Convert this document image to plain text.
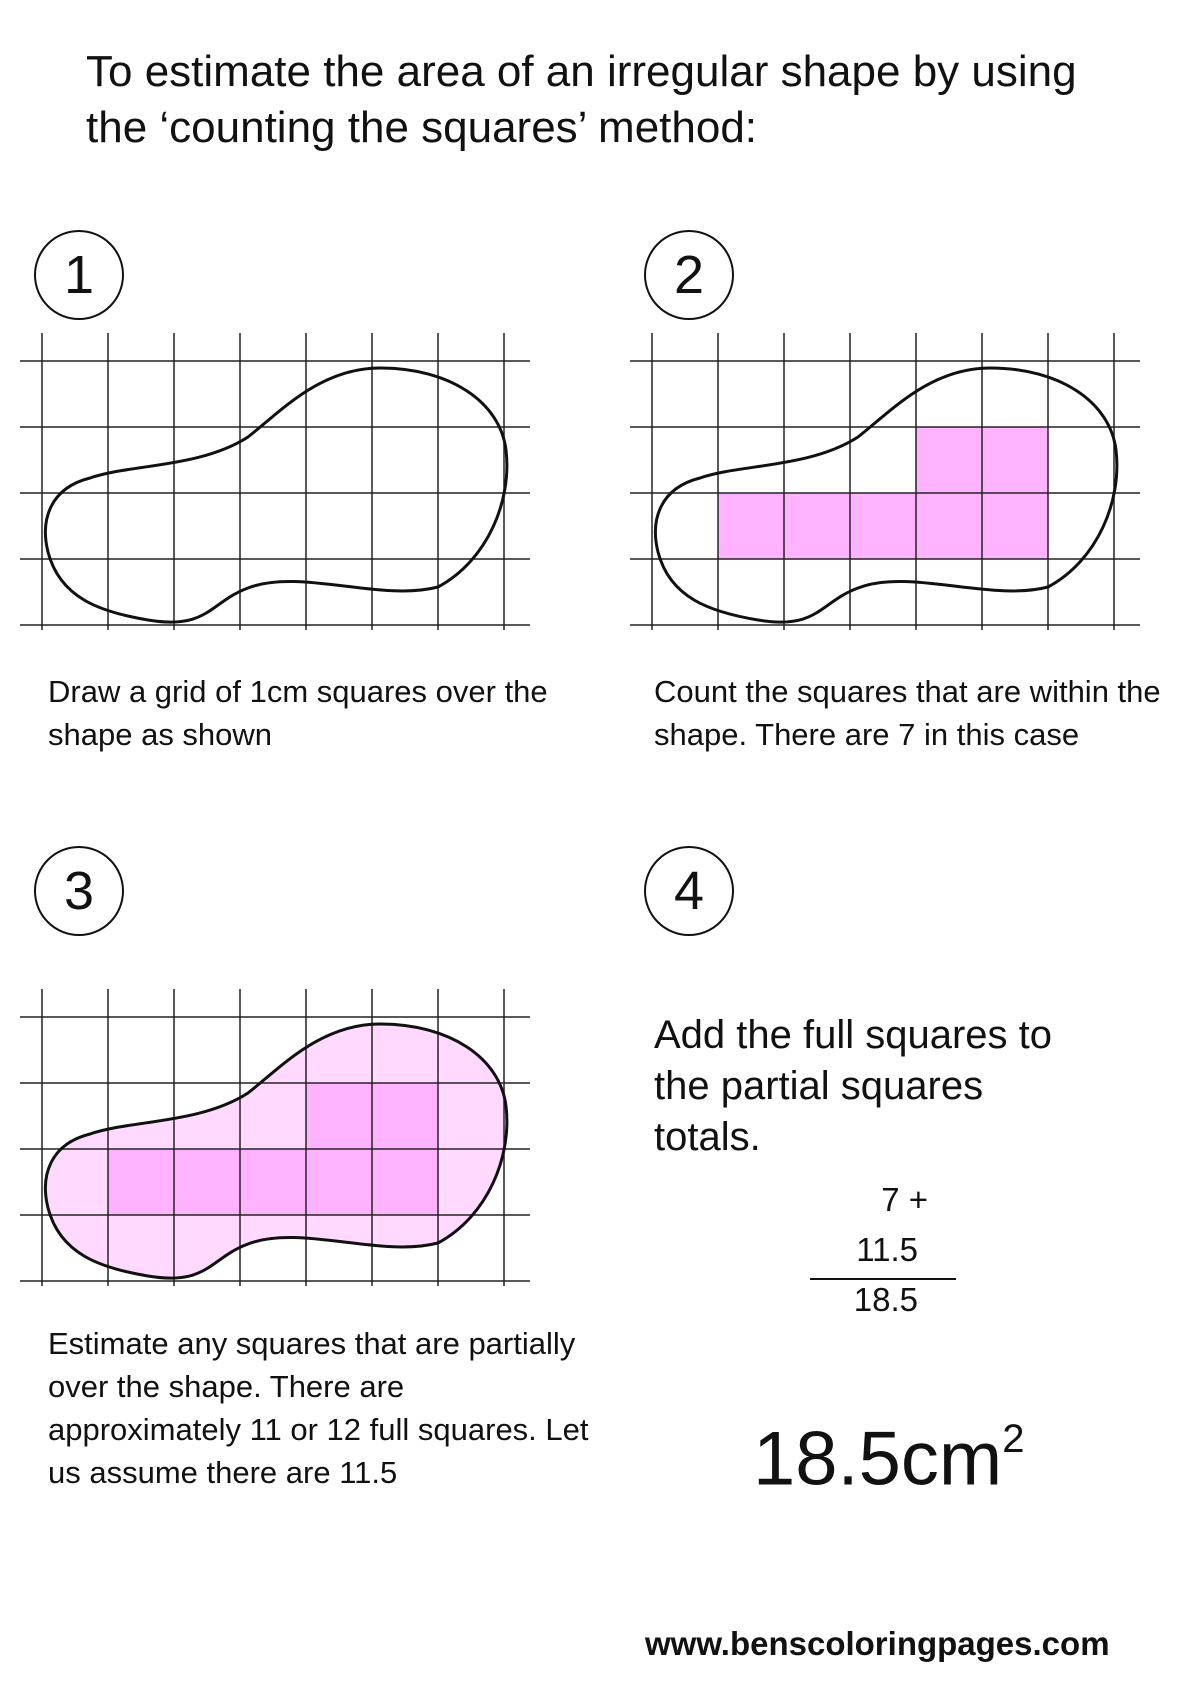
To estimate the area of an irregular shape by using the ‘counting the squares’ method:
1
Draw a grid of 1cm squares over the shape as shown
2
Count the squares that are within the shape. There are 7 in this case
3
Estimate any squares that are partially over the shape. There are approximately 11 or 12 full squares. Let us assume there are 11.5
4
Add the full squares to the partial squares totals.
7 +
11.5
18.5
$18.5cm^2$
www.benscoloringpages.com
